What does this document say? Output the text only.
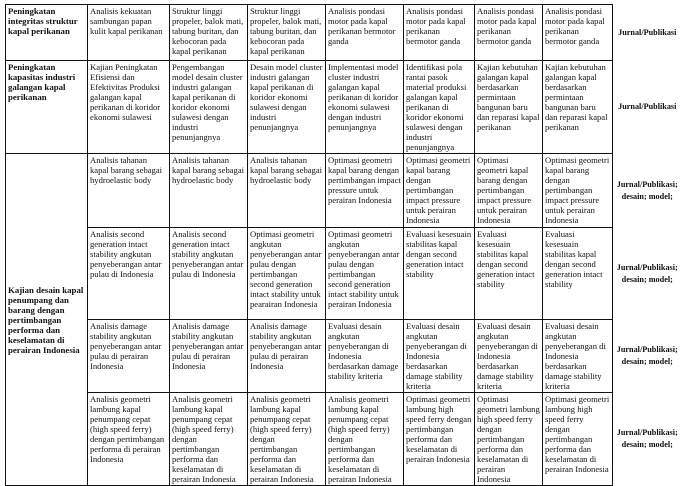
Peningkatan integritas struktur kapal perikanan	Analisis kekuatan sambungan papan kulit kapal perikanan	Struktur linggi propeler, balok mati, tabung buritan, dan kebocoran pada kapal perikanan	Struktur linggi propeler, balok mati, tabung buritan, dan kebocoran pada kapal perikanan	Analisis pondasi motor pada kapal perikanan bermotor ganda	Analisis pondasi motor pada kapal perikanan bermotor ganda	Analisis pondasi motor pada kapal perikanan bermotor ganda	Analisis pondasi motor pada kapal perikanan bermotor ganda	Jurnal/Publikasi
Peningkatan kapasitas industri galangan kapal perikanan	Kajian Peningkatan Efisiensi dan Efektivitas Produksi galangan kapal perikanan di koridor ekonomi sulawesi	Pengembangan model desain cluster industri galangan kapal perikanan di koridor ekonomi sulawesi dengan industri penunjangnya	Desain model cluster industri galangan kapal perikanan di koridor ekonomi sulawesi dengan industri penunjangnya	Implementasi model cluster industri galangan kapal perikanan di koridor ekonomi sulawesi dengan industri penunjangnya	Identifikasi pola rantai pasok material produksi galangan kapal perikanan di koridor ekonomi sulawesi dengan industri penunjangnya	Kajian kebutuhan galangan kapal berdasarkan permintaan bangunan baru dan reparasi kapal perikanan	Kajian kebutuhan galangan kapal berdasarkan permintaan bangunan baru dan reparasi kapal perikanan	Jurnal/Publikasi
Kajian desain kapal penumpang dan barang dengan pertimbangan performa dan keselamatan di perairan Indonesia	Analisis tahanan kapal barang sebagai hydroelastic body	Analisis tahanan kapal barang sebagai hydroelastic body	Analisis tahanan kapal barang sebagai hydroelastic body	Optimasi geometri kapal barang dengan pertimbangan impact pressure untuk perairan Indonesia	Optimasi geometri kapal barang dengan pertimbangan impact pressure untuk perairan Indonesia	Optimasi geometri kapal barang dengan pertimbangan impact pressure untuk perairan Indonesia	Optimasi geometri kapal barang dengan pertimbangan impact pressure untuk perairan Indonesia	Jurnal/Publikasi; desain; model;
	Analisis second generation intact stability angkutan penyeberangan antar pulau di Indonesia	Analisis second generation intact stability angkutan penyeberangan antar pulau di Indonesia	Optimasi geometri angkutan penyeberangan antar pulau dengan pertimbangan second generation intact stability untuk pearairan Indonesia	Optimasi geometri angkutan penyeberangan antar pulau dengan pertimbangan second generation intact stability untuk perairan Indonesia	Evaluasi kesesuain stabilitas kapal dengan second generation intact stability	Evaluasi kesesuain stabilitas kapal dengan second generation intact stability	Evaluasi kesesuain stabilitas kapal dengan second generation intact stability	Jurnal/Publikasi; desain; model;
	Analisis damage stability angkutan penyeberangan antar pulau di perairan Indonesia	Analisis damage stability angkutan penyeberangan antar pulau di perairan Indonesia	Analisis damage stability angkutan penyeberangan antar pulau di perairan Indonesia	Evaluasi desain angkutan penyeberangan di Indonesia berdasarkan damage stability kriteria	Evaluasi desain angkutan penyeberangan di Indonesia berdasarkan damage stability kriteria	Evaluasi desain angkutan penyeberangan di Indonesia berdasarkan damage stability kriteria	Evaluasi desain angkutan penyeberangan di Indonesia berdasarkan damage stability kriteria	Jurnal/Publikasi; desain; model;
	Analisis geometri lambung kapal penumpang cepat (high speed ferry) dengan pertimbangan performa di perairan Indonesia	Analisis geometri lambung kapal penumpang cepat (high speed ferry) dengan pertimbangan performa dan keselamatan di perairan Indonesia	Analisis geometri lambung kapal penumpang cepat (high speed ferry) dengan pertimbangan performa dan keselamatan di perairan Indonesia	Analisis geometri lambung kapal penumpang cepat (high speed ferry) dengan pertimbangan performa dan keselamatan di perairan Indonesia	Optimasi geometri lambung high speed ferry dengan pertimbangan performa dan keselamatan di perairan Indonesia	Optimasi geometri lambung high speed ferry dengan pertimbangan performa dan keselamatan di perairan Indonesia	Optimasi geometri lambung high speed ferry dengan pertimbangan performa dan keselamatan di perairan Indonesia	Jurnal/Publikasi; desain; model;
